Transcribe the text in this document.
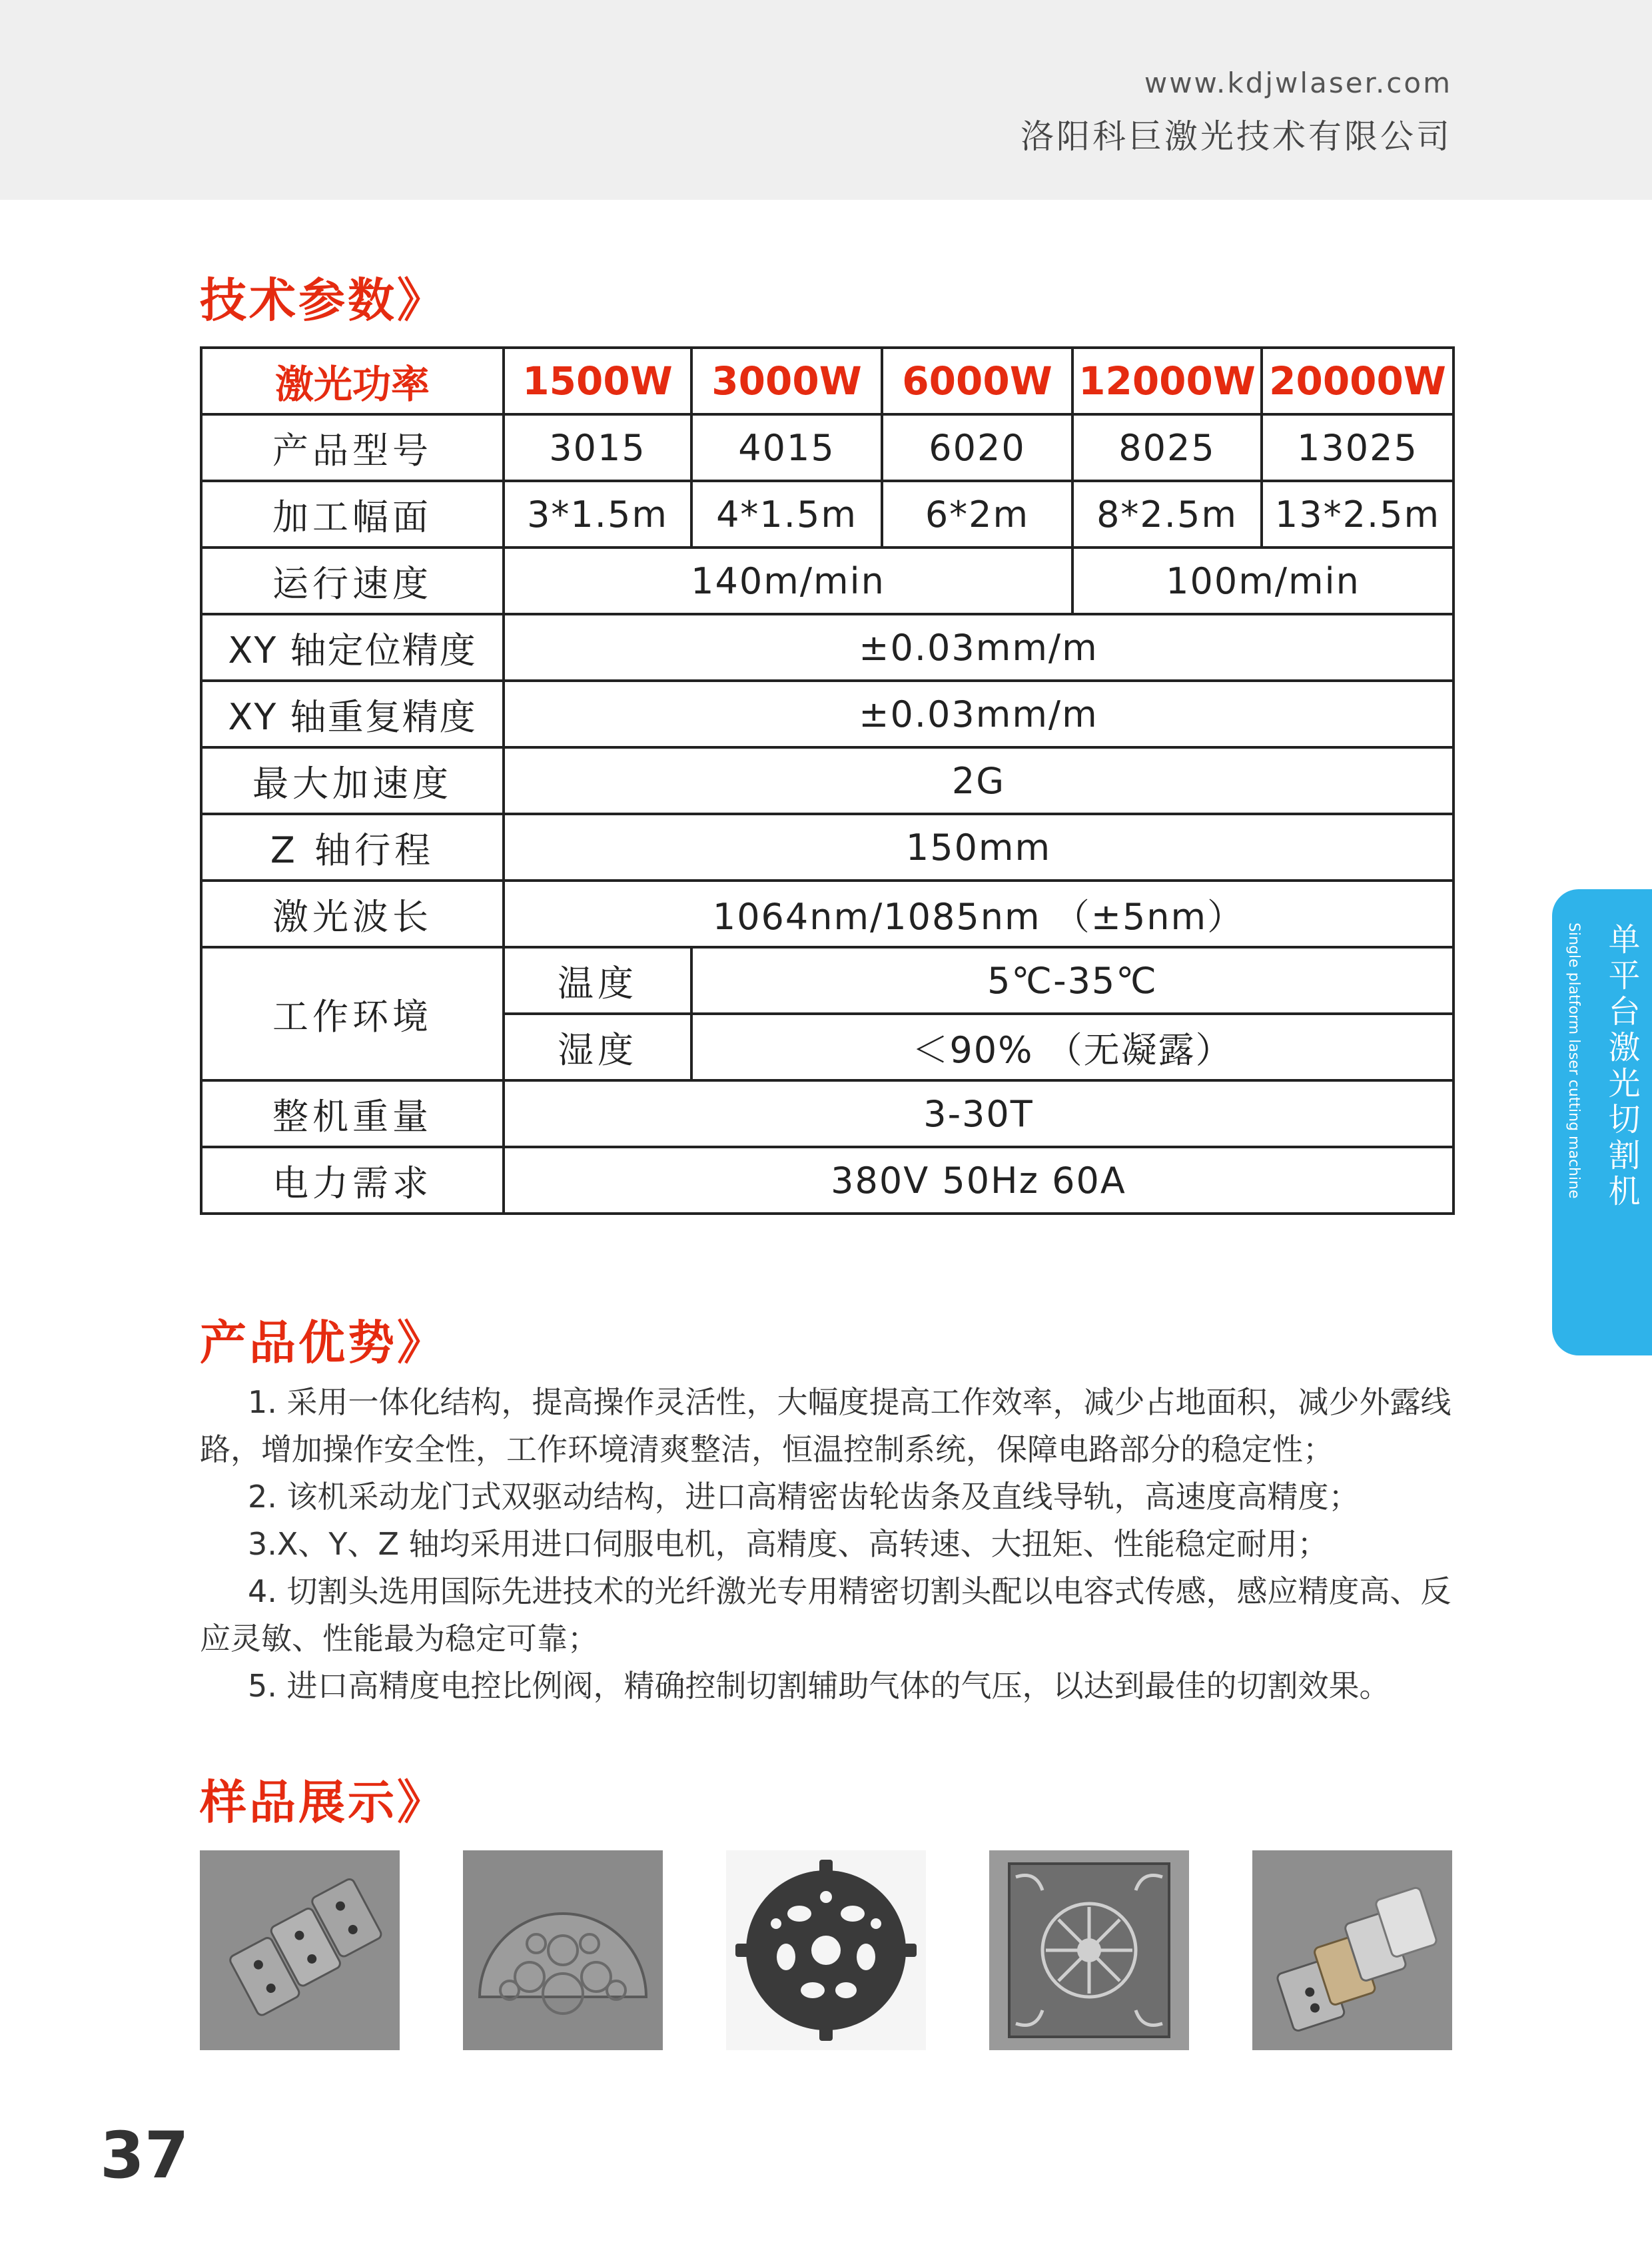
www.kdjwlaser.com
洛阳科巨激光技术有限公司
技术参数》
激光功率	1500W	3000W	6000W	12000W	20000W
产品型号	3015	4015	6020	8025	13025
加工幅面	3*1.5m	4*1.5m	6*2m	8*2.5m	13*2.5m
运行速度	140m/min			100m/min	
XY 轴定位精度	±0.03mm/m				
XY 轴重复精度	±0.03mm/m				
最大加速度	2G				
Z 轴行程	150mm				
激光波长	1064nm/1085nm （±5nm）				
工作环境	温度	5℃-35℃			
	湿度	＜90% （无凝露）			
整机重量	3-30T				
电力需求	380V 50Hz 60A					单平台激光切割机
Single platform laser cutting machine
产品优势》

1. 采用一体化结构，提高操作灵活性，大幅度提高工作效率，减少占地面积，减少外露线路，增加操作安全性，工作环境清爽整洁，恒温控制系统，保障电路部分的稳定性；

2. 该机采动龙门式双驱动结构，进口高精密齿轮齿条及直线导轨，高速度高精度；

3.X、Y、Z 轴均采用进口伺服电机，高精度、高转速、大扭矩、性能稳定耐用；

4. 切割头选用国际先进技术的光纤激光专用精密切割头配以电容式传感，感应精度高、反应灵敏、性能最为稳定可靠；

5. 进口高精度电控比例阀，精确控制切割辅助气体的气压，以达到最佳的切割效果。

样品展示》
37
